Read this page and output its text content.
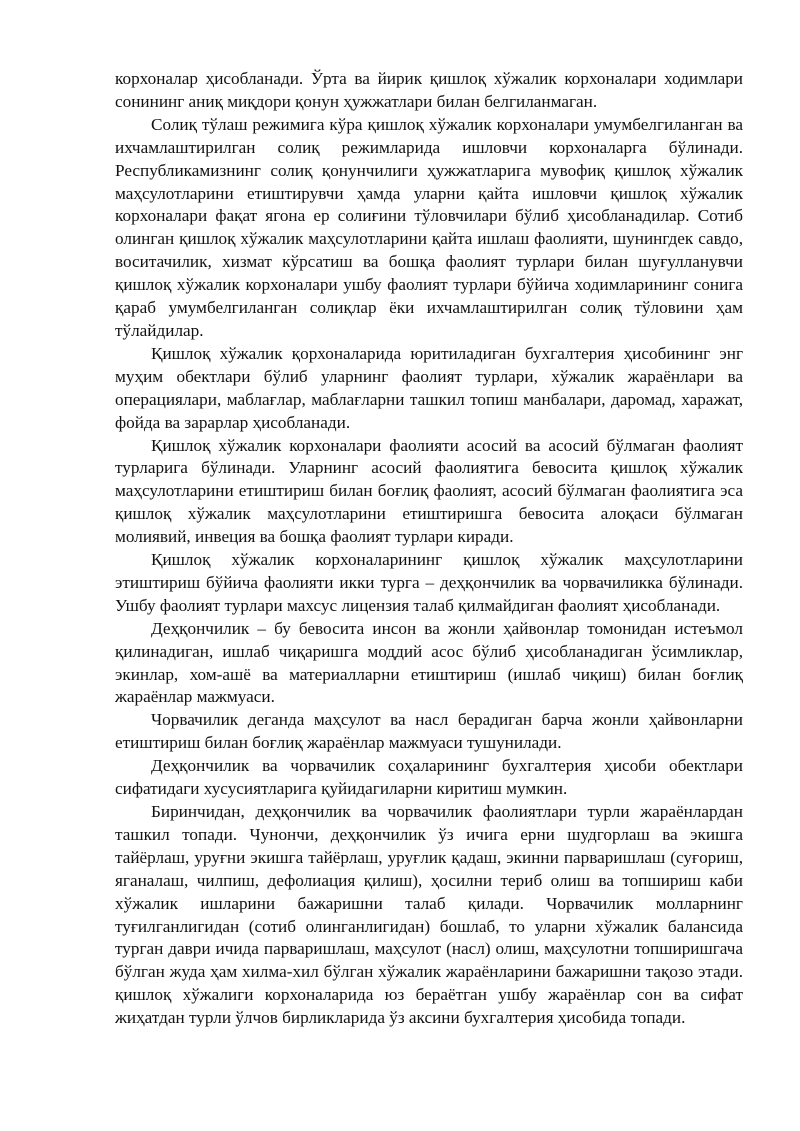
корхоналар ҳисобланади. Ўрта ва йирик қишлоқ хўжалик корхоналари ходимлари сонининг аниқ миқдори қонун ҳужжатлари билан белгиланмаган.

Солиқ тўлаш режимига кўра қишлоқ хўжалик корхоналари умумбелгиланган ва ихчамлаштирилган солиқ режимларида ишловчи корхоналарга бўлинади. Республикамизнинг солиқ қонунчилиги ҳужжатларига мувофиқ қишлоқ хўжалик маҳсулотларини етиштирувчи ҳамда уларни қайта ишловчи қишлоқ хўжалик корхоналари фақат ягона ер солиғини тўловчилари бўлиб ҳисобланадилар. Сотиб олинган қишлоқ хўжалик маҳсулотларини қайта ишлаш фаолияти, шунингдек савдо, воситачилик, хизмат кўрсатиш ва бошқа фаолият турлари билан шуғулланувчи қишлоқ хўжалик корхоналари ушбу фаолият турлари бўйича ходимларининг сонига қараб умумбелгиланган солиқлар ёки ихчамлаштирилган солиқ тўловини ҳам тўлайдилар.

Қишлоқ хўжалик қорхоналарида юритиладиган бухгалтерия ҳисобининг энг муҳим обектлари бўлиб уларнинг фаолият турлари, хўжалик жараёнлари ва операциялари, маблағлар, маблағларни ташкил топиш манбалари, даромад, харажат, фойда ва зарарлар ҳисобланади.

Қишлоқ хўжалик корхоналари фаолияти асосий ва асосий бўлмаган фаолият турларига бўлинади. Уларнинг асосий фаолиятига бевосита қишлоқ хўжалик маҳсулотларини етиштириш билан боғлиқ фаолият, асосий бўлмаган фаолиятига эса қишлоқ хўжалик маҳсулотларини етиштиришга бевосита алоқаси бўлмаган молиявий, инвеция ва бошқа фаолият турлари киради.

Қишлоқ хўжалик корхоналарининг қишлоқ хўжалик маҳсулотларини этиштириш бўйича фаолияти икки турга – деҳқончилик ва чорвачиликка бўлинади. Ушбу фаолият турлари махсус лицензия талаб қилмайдиган фаолият ҳисобланади.

Деҳқончилик – бу бевосита инсон ва жонли ҳайвонлар томонидан истеъмол қилинадиган, ишлаб чиқаришга моддий асос бўлиб ҳисобланадиган ўсимликлар, экинлар, хом-ашё ва материалларни етиштириш (ишлаб чиқиш) билан боғлиқ жараёнлар мажмуаси.

Чорвачилик деганда маҳсулот ва насл берадиган барча жонли ҳайвонларни етиштириш билан боғлиқ жараёнлар мажмуаси тушунилади.

Деҳқончилик ва чорвачилик соҳаларининг бухгалтерия ҳисоби обектлари сифатидаги хусусиятларига қуйидагиларни киритиш мумкин.

Биринчидан, деҳқончилик ва чорвачилик фаолиятлари турли жараёнлардан ташкил топади. Чунончи, деҳқончилик ўз ичига ерни шудгорлаш ва экишга тайёрлаш, уруғни экишга тайёрлаш, уруғлик қадаш, экинни парваришлаш (суғориш, яганалаш, чилпиш, дефолиация қилиш), ҳосилни териб олиш ва топшириш каби хўжалик ишларини бажаришни талаб қилади. Чорвачилик молларнинг туғилганлигидан (сотиб олинганлигидан) бошлаб, то уларни хўжалик балансида турган даври ичида парваришлаш, маҳсулот (насл) олиш, маҳсулотни топширишгача бўлган жуда ҳам хилма-хил бўлган хўжалик жараёнларини бажаришни тақозо этади. қишлоқ хўжалиги корхоналарида юз бераётган ушбу жараёнлар сон ва сифат жиҳатдан турли ўлчов бирликларида ўз аксини бухгалтерия ҳисобида топади.
